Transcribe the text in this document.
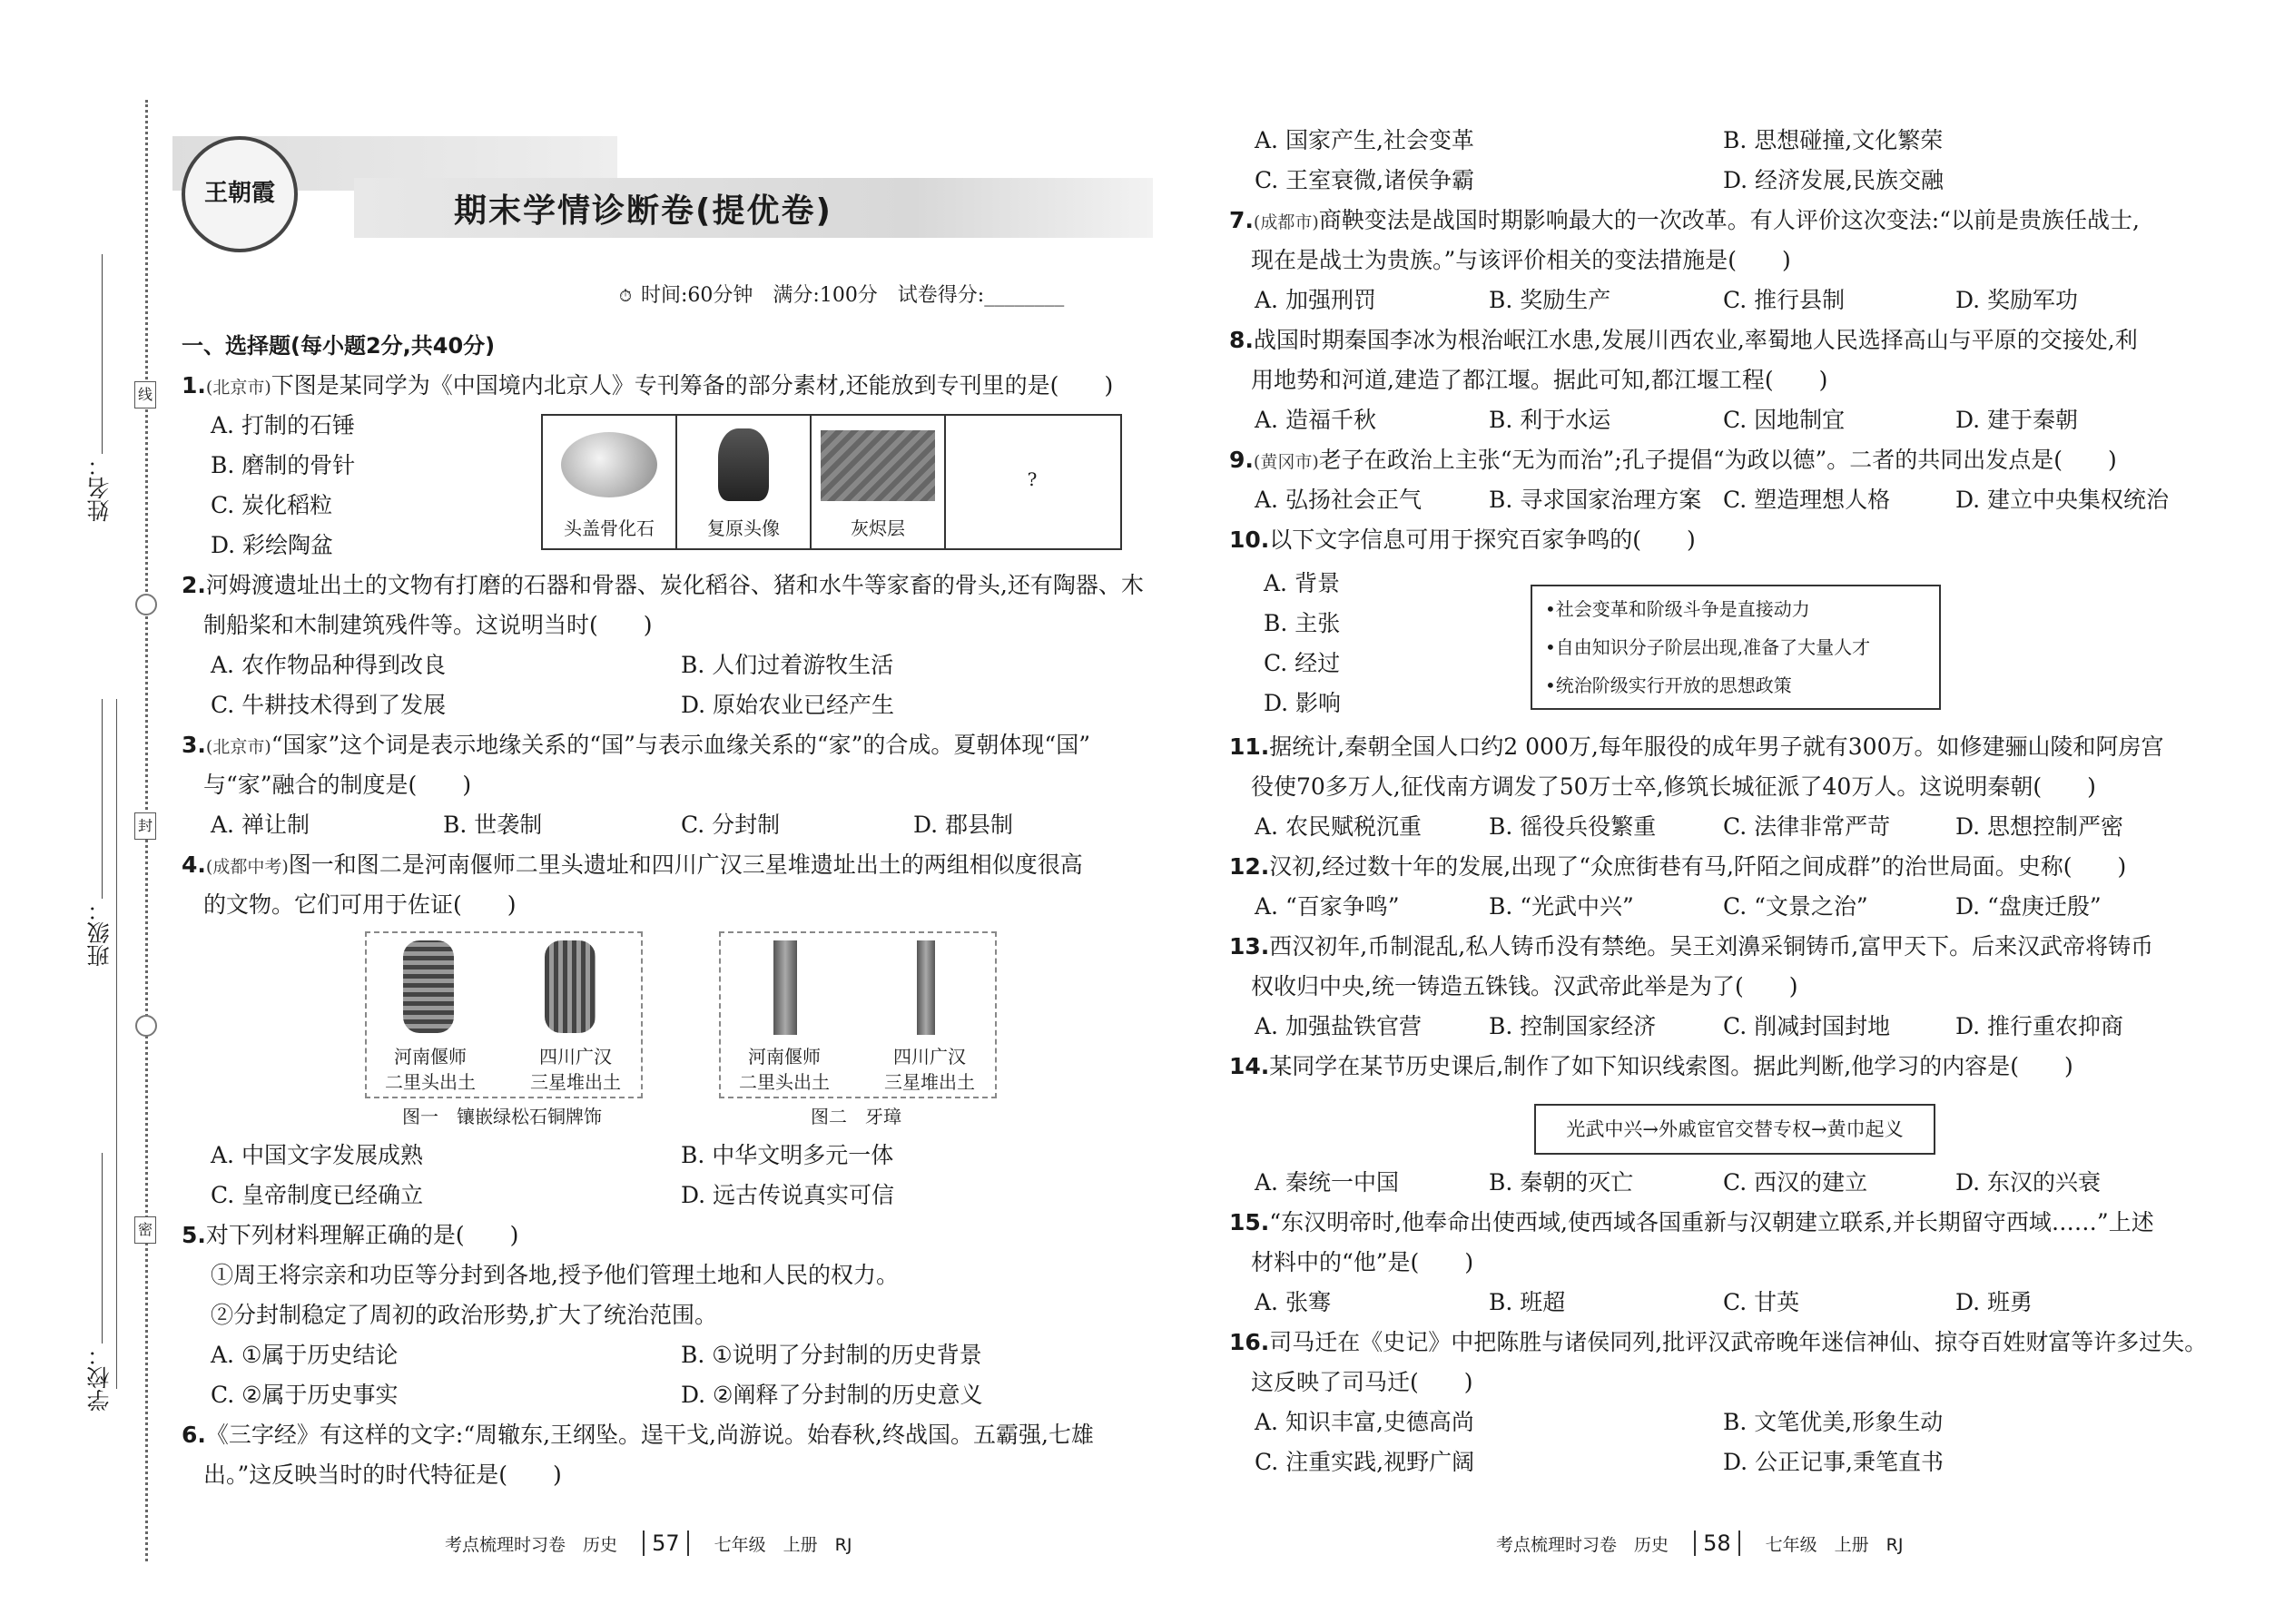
姓名：
班级：
学校：
线
封
密
王朝霞	期末学情诊断卷(提优卷)
⏱ 时间:60分钟　满分:100分　试卷得分:________
一、选择题(每小题2分,共40分)
1.(北京市)下图是某同学为《中国境内北京人》专刊筹备的部分素材,还能放到专刊里的是(　　)
A. 打制的石锤
B. 磨制的骨针
C. 炭化稻粒
D. 彩绘陶盆
头盖骨化石	复原头像	灰烬层
?
2.河姆渡遗址出土的文物有打磨的石器和骨器、炭化稻谷、猪和水牛等家畜的骨头,还有陶器、木
制船桨和木制建筑残件等。这说明当时(　　)
A. 农作物品种得到改良	B. 人们过着游牧生活
C. 牛耕技术得到了发展	D. 原始农业已经产生
3.(北京市)“国家”这个词是表示地缘关系的“国”与表示血缘关系的“家”的合成。夏朝体现“国”
与“家”融合的制度是(　　)
A. 禅让制	B. 世袭制	C. 分封制	D. 郡县制
4.(成都中考)图一和图二是河南偃师二里头遗址和四川广汉三星堆遗址出土的两组相似度很高
的文物。它们可用于佐证(　　)
河南偃师
二里头出土
四川广汉
三星堆出土
图一　镶嵌绿松石铜牌饰
河南偃师
二里头出土
四川广汉
三星堆出土
图二　牙璋
A. 中国文字发展成熟	B. 中华文明多元一体
C. 皇帝制度已经确立	D. 远古传说真实可信
5.对下列材料理解正确的是(　　)
①周王将宗亲和功臣等分封到各地,授予他们管理土地和人民的权力。
②分封制稳定了周初的政治形势,扩大了统治范围。
A. ①属于历史结论	B. ①说明了分封制的历史背景
C. ②属于历史事实	D. ②阐释了分封制的历史意义
6.《三字经》有这样的文字:“周辙东,王纲坠。逞干戈,尚游说。始春秋,终战国。五霸强,七雄
出。”这反映当时的时代特征是(　　)
考点梳理时习卷　历史 57 七年级　上册　RJ
A. 国家产生,社会变革	B. 思想碰撞,文化繁荣
C. 王室衰微,诸侯争霸	D. 经济发展,民族交融
7.(成都市)商鞅变法是战国时期影响最大的一次改革。有人评价这次变法:“以前是贵族任战士,
现在是战士为贵族。”与该评价相关的变法措施是(　　)
A. 加强刑罚	B. 奖励生产	C. 推行县制	D. 奖励军功
8.战国时期秦国李冰为根治岷江水患,发展川西农业,率蜀地人民选择高山与平原的交接处,利
用地势和河道,建造了都江堰。据此可知,都江堰工程(　　)
A. 造福千秋	B. 利于水运	C. 因地制宜	D. 建于秦朝
9.(黄冈市)老子在政治上主张“无为而治”;孔子提倡“为政以德”。二者的共同出发点是(　　)
A. 弘扬社会正气	B. 寻求国家治理方案 C. 塑造理想人格	D. 建立中央集权统治
10.以下文字信息可用于探究百家争鸣的(　　)
A. 背景
B. 主张
C. 经过
D. 影响
•社会变革和阶级斗争是直接动力
•自由知识分子阶层出现,准备了大量人才
•统治阶级实行开放的思想政策
11.据统计,秦朝全国人口约2 000万,每年服役的成年男子就有300万。如修建骊山陵和阿房宫
役使70多万人,征伐南方调发了50万士卒,修筑长城征派了40万人。这说明秦朝(　　)
A. 农民赋税沉重	B. 徭役兵役繁重	C. 法律非常严苛	D. 思想控制严密
12.汉初,经过数十年的发展,出现了“众庶街巷有马,阡陌之间成群”的治世局面。史称(　　)
A. “百家争鸣”	B. “光武中兴”	C. “文景之治”	D. “盘庚迁殷”
13.西汉初年,币制混乱,私人铸币没有禁绝。吴王刘濞采铜铸币,富甲天下。后来汉武帝将铸币
权收归中央,统一铸造五铢钱。汉武帝此举是为了(　　)
A. 加强盐铁官营	B. 控制国家经济	C. 削减封国封地	D. 推行重农抑商
14.某同学在某节历史课后,制作了如下知识线索图。据此判断,他学习的内容是(　　)
光武中兴→外戚宦官交替专权→黄巾起义
A. 秦统一中国	B. 秦朝的灭亡	C. 西汉的建立	D. 东汉的兴衰
15.“东汉明帝时,他奉命出使西域,使西域各国重新与汉朝建立联系,并长期留守西域……”上述
材料中的“他”是(　　)
A. 张骞	B. 班超	C. 甘英	D. 班勇
16.司马迁在《史记》中把陈胜与诸侯同列,批评汉武帝晚年迷信神仙、掠夺百姓财富等许多过失。
这反映了司马迁(　　)
A. 知识丰富,史德高尚	B. 文笔优美,形象生动
C. 注重实践,视野广阔	D. 公正记事,秉笔直书
考点梳理时习卷　历史 58 七年级　上册　RJ
